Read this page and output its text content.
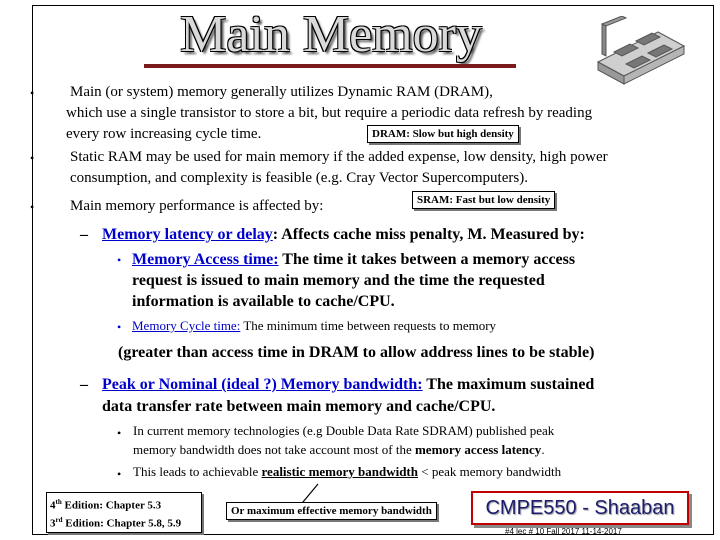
Main Memory
• Main (or system) memory generally utilizes Dynamic RAM (DRAM),
which use a single transistor to store a bit, but require a periodic data refresh by reading
every row increasing cycle time.	DRAM: Slow but high density
• Static RAM may be used for main memory if the added expense, low density, high power
consumption, and complexity is feasible (e.g. Cray Vector Supercomputers).
• Main memory performance is affected by:	SRAM: Fast but low density
– Memory latency or delay: Affects cache miss penalty, M. Measured by:
• Memory Access time: The time it takes between a memory access
request is issued to main memory and the time the requested
information is available to cache/CPU.
• Memory Cycle time: The minimum time between requests to memory
(greater than access time in DRAM to allow address lines to be stable)
– Peak or Nominal (ideal ?) Memory bandwidth: The maximum sustained
data transfer rate between main memory and cache/CPU.
• In current memory technologies (e.g Double Data Rate SDRAM) published peak
memory bandwidth does not take account most of the memory access latency.
• This leads to achievable realistic memory bandwidth < peak memory bandwidth
4th Edition: Chapter 5.3
3rd Edition: Chapter 5.8, 5.9
Or maximum effective memory bandwidth	CMPE550 - Shaaban
#4 lec # 10 Fall 2017 11-14-2017
